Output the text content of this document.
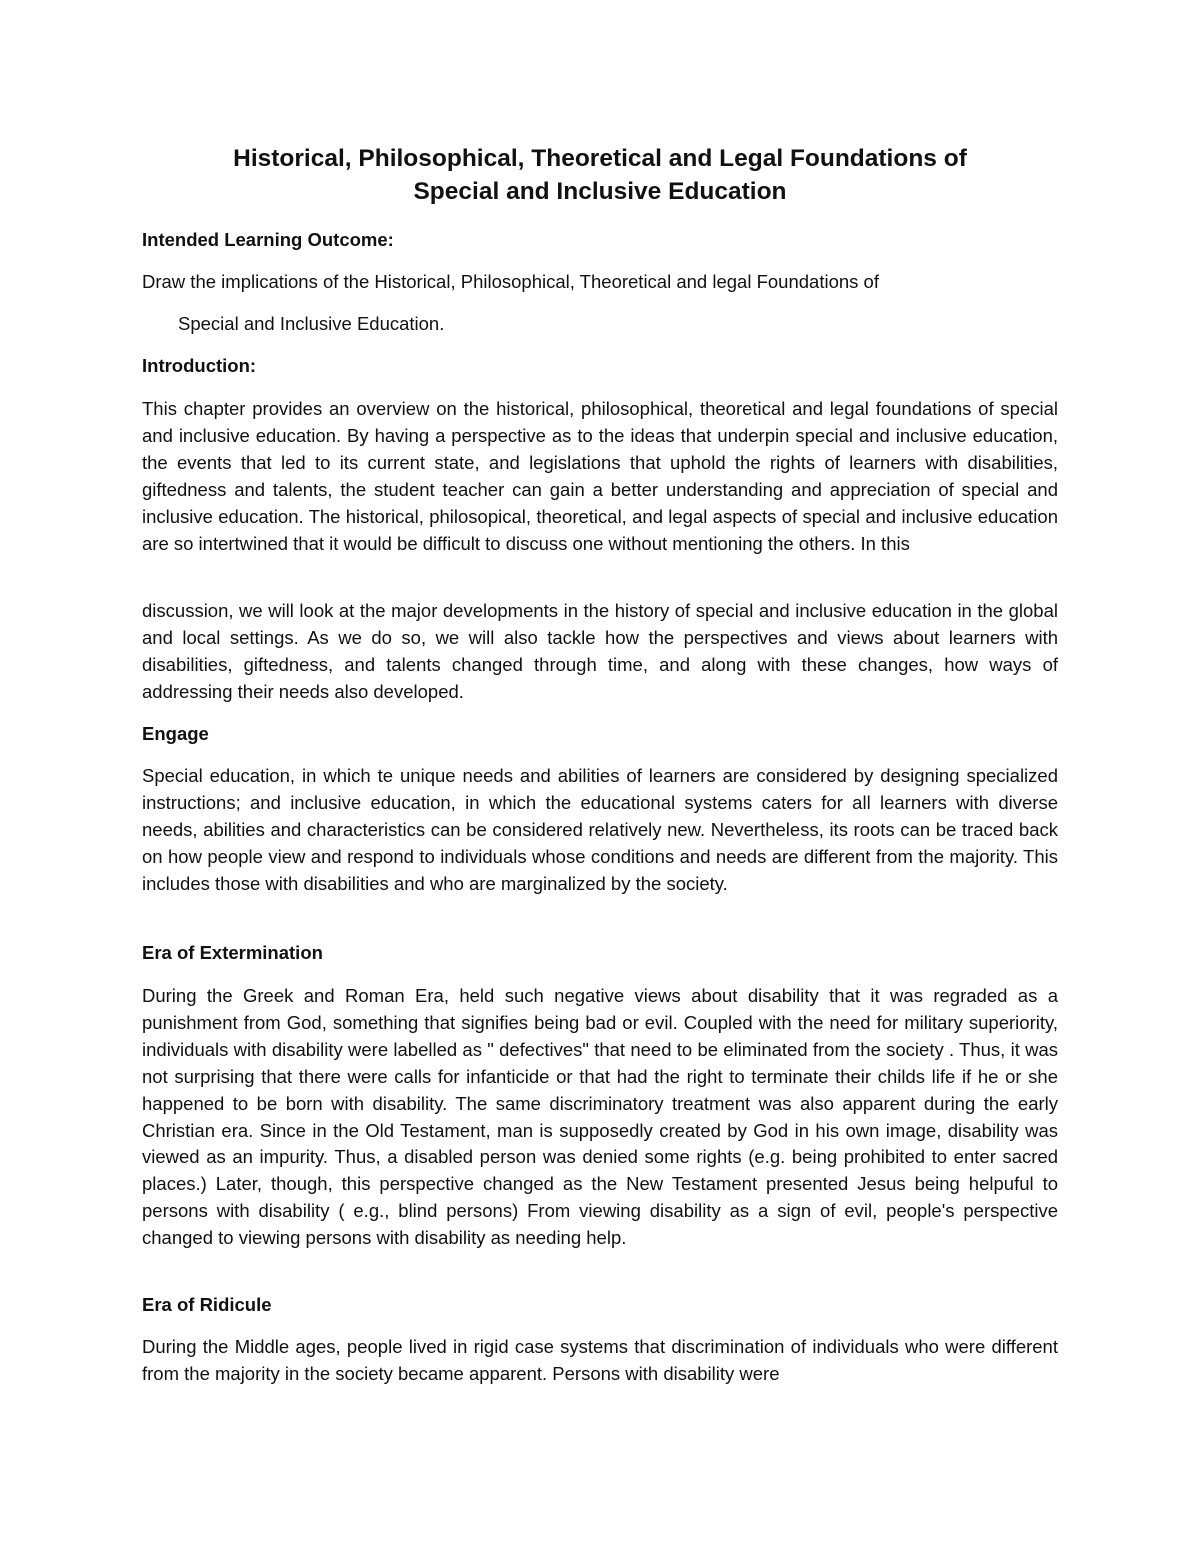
Historical, Philosophical, Theoretical and Legal Foundations of
Special and Inclusive Education

Intended Learning Outcome:

Draw the implications of the Historical, Philosophical, Theoretical and legal Foundations of

Special and Inclusive Education.

Introduction:

This chapter provides an overview on the historical, philosophical, theoretical and legal foundations of special and inclusive education. By having a perspective as to the ideas that underpin special and inclusive education, the events that led to its current state, and legislations that uphold the rights of learners with disabilities, giftedness and talents, the student teacher can gain a better understanding and appreciation of special and inclusive education. The historical, philosopical, theoretical, and legal aspects of special and inclusive education are so intertwined that it would be difficult to discuss one without mentioning the others. In this

discussion, we will look at the major developments in the history of special and inclusive education in the global and local settings. As we do so, we will also tackle how the perspectives and views about learners with disabilities, giftedness, and talents changed through time, and along with these changes, how ways of addressing their needs also developed.

Engage

Special education, in which te unique needs and abilities of learners are considered by designing specialized instructions; and inclusive education, in which the educational systems caters for all learners with diverse needs, abilities and characteristics can be considered relatively new. Nevertheless, its roots can be traced back on how people view and respond to individuals whose conditions and needs are different from the majority. This includes those with disabilities and who are marginalized by the society.

Era of Extermination

During the Greek and Roman Era, held such negative views about disability that it was regraded as a punishment from God, something that signifies being bad or evil. Coupled with the need for military superiority, individuals with disability were labelled as " defectives" that need to be eliminated from the society . Thus, it was not surprising that there were calls for infanticide or that had the right to terminate their childs life if he or she happened to be born with disability. The same discriminatory treatment was also apparent during the early Christian era. Since in the Old Testament, man is supposedly created by God in his own image, disability was viewed as an impurity. Thus, a disabled person was denied some rights (e.g. being prohibited to enter sacred places.) Later, though, this perspective changed as the New Testament presented Jesus being helpuful to persons with disability ( e.g., blind persons) From viewing disability as a sign of evil, people's perspective changed to viewing persons with disability as needing help.

Era of Ridicule

During the Middle ages, people lived in rigid case systems that discrimination of individuals who were different from the majority in the society became apparent. Persons with disability were
